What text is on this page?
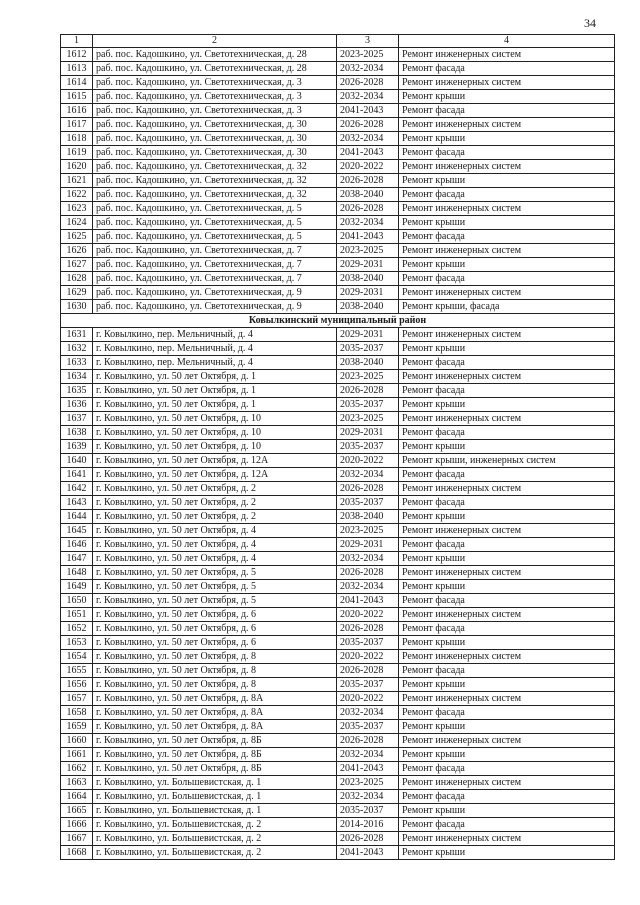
34
1	2	3	4
1612	раб. пос. Кадошкино, ул. Светотехническая, д. 28	2023-2025	Ремонт инженерных систем
1613	раб. пос. Кадошкино, ул. Светотехническая, д. 28	2032-2034	Ремонт фасада
1614	раб. пос. Кадошкино, ул. Светотехническая, д. 3	2026-2028	Ремонт инженерных систем
1615	раб. пос. Кадошкино, ул. Светотехническая, д. 3	2032-2034	Ремонт крыши
1616	раб. пос. Кадошкино, ул. Светотехническая, д. 3	2041-2043	Ремонт фасада
1617	раб. пос. Кадошкино, ул. Светотехническая, д. 30	2026-2028	Ремонт инженерных систем
1618	раб. пос. Кадошкино, ул. Светотехническая, д. 30	2032-2034	Ремонт крыши
1619	раб. пос. Кадошкино, ул. Светотехническая, д. 30	2041-2043	Ремонт фасада
1620	раб. пос. Кадошкино, ул. Светотехническая, д. 32	2020-2022	Ремонт инженерных систем
1621	раб. пос. Кадошкино, ул. Светотехническая, д. 32	2026-2028	Ремонт крыши
1622	раб. пос. Кадошкино, ул. Светотехническая, д. 32	2038-2040	Ремонт фасада
1623	раб. пос. Кадошкино, ул. Светотехническая, д. 5	2026-2028	Ремонт инженерных систем
1624	раб. пос. Кадошкино, ул. Светотехническая, д. 5	2032-2034	Ремонт крыши
1625	раб. пос. Кадошкино, ул. Светотехническая, д. 5	2041-2043	Ремонт фасада
1626	раб. пос. Кадошкино, ул. Светотехническая, д. 7	2023-2025	Ремонт инженерных систем
1627	раб. пос. Кадошкино, ул. Светотехническая, д. 7	2029-2031	Ремонт крыши
1628	раб. пос. Кадошкино, ул. Светотехническая, д. 7	2038-2040	Ремонт фасада
1629	раб. пос. Кадошкино, ул. Светотехническая, д. 9	2029-2031	Ремонт инженерных систем
1630	раб. пос. Кадошкино, ул. Светотехническая, д. 9	2038-2040	Ремонт крыши, фасада
Ковылкинский муниципальный район			
1631	г. Ковылкино, пер. Мельничный, д. 4	2029-2031	Ремонт инженерных систем
1632	г. Ковылкино, пер. Мельничный, д. 4	2035-2037	Ремонт крыши
1633	г. Ковылкино, пер. Мельничный, д. 4	2038-2040	Ремонт фасада
1634	г. Ковылкино, ул. 50 лет Октября, д. 1	2023-2025	Ремонт инженерных систем
1635	г. Ковылкино, ул. 50 лет Октября, д. 1	2026-2028	Ремонт фасада
1636	г. Ковылкино, ул. 50 лет Октября, д. 1	2035-2037	Ремонт крыши
1637	г. Ковылкино, ул. 50 лет Октября, д. 10	2023-2025	Ремонт инженерных систем
1638	г. Ковылкино, ул. 50 лет Октября, д. 10	2029-2031	Ремонт фасада
1639	г. Ковылкино, ул. 50 лет Октября, д. 10	2035-2037	Ремонт крыши
1640	г. Ковылкино, ул. 50 лет Октября, д. 12А	2020-2022	Ремонт крыши, инженерных систем
1641	г. Ковылкино, ул. 50 лет Октября, д. 12А	2032-2034	Ремонт фасада
1642	г. Ковылкино, ул. 50 лет Октября, д. 2	2026-2028	Ремонт инженерных систем
1643	г. Ковылкино, ул. 50 лет Октября, д. 2	2035-2037	Ремонт фасада
1644	г. Ковылкино, ул. 50 лет Октября, д. 2	2038-2040	Ремонт крыши
1645	г. Ковылкино, ул. 50 лет Октября, д. 4	2023-2025	Ремонт инженерных систем
1646	г. Ковылкино, ул. 50 лет Октября, д. 4	2029-2031	Ремонт фасада
1647	г. Ковылкино, ул. 50 лет Октября, д. 4	2032-2034	Ремонт крыши
1648	г. Ковылкино, ул. 50 лет Октября, д. 5	2026-2028	Ремонт инженерных систем
1649	г. Ковылкино, ул. 50 лет Октября, д. 5	2032-2034	Ремонт крыши
1650	г. Ковылкино, ул. 50 лет Октября, д. 5	2041-2043	Ремонт фасада
1651	г. Ковылкино, ул. 50 лет Октября, д. 6	2020-2022	Ремонт инженерных систем
1652	г. Ковылкино, ул. 50 лет Октября, д. 6	2026-2028	Ремонт фасада
1653	г. Ковылкино, ул. 50 лет Октября, д. 6	2035-2037	Ремонт крыши
1654	г. Ковылкино, ул. 50 лет Октября, д. 8	2020-2022	Ремонт инженерных систем
1655	г. Ковылкино, ул. 50 лет Октября, д. 8	2026-2028	Ремонт фасада
1656	г. Ковылкино, ул. 50 лет Октября, д. 8	2035-2037	Ремонт крыши
1657	г. Ковылкино, ул. 50 лет Октября, д. 8А	2020-2022	Ремонт инженерных систем
1658	г. Ковылкино, ул. 50 лет Октября, д. 8А	2032-2034	Ремонт фасада
1659	г. Ковылкино, ул. 50 лет Октября, д. 8А	2035-2037	Ремонт крыши
1660	г. Ковылкино, ул. 50 лет Октября, д. 8Б	2026-2028	Ремонт инженерных систем
1661	г. Ковылкино, ул. 50 лет Октября, д. 8Б	2032-2034	Ремонт крыши
1662	г. Ковылкино, ул. 50 лет Октября, д. 8Б	2041-2043	Ремонт фасада
1663	г. Ковылкино, ул. Большевистская, д. 1	2023-2025	Ремонт инженерных систем
1664	г. Ковылкино, ул. Большевистская, д. 1	2032-2034	Ремонт фасада
1665	г. Ковылкино, ул. Большевистская, д. 1	2035-2037	Ремонт крыши
1666	г. Ковылкино, ул. Большевистская, д. 2	2014-2016	Ремонт фасада
1667	г. Ковылкино, ул. Большевистская, д. 2	2026-2028	Ремонт инженерных систем
1668	г. Ковылкино, ул. Большевистская, д. 2	2041-2043	Ремонт крыши
